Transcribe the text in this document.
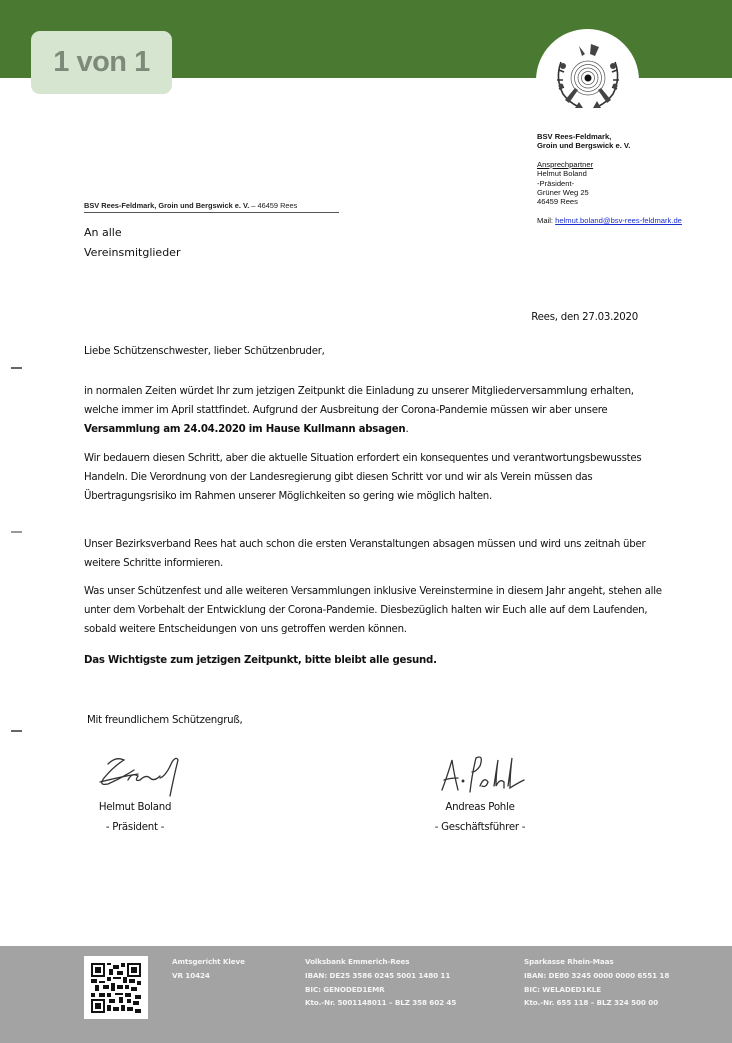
1 von 1
BSV Rees-Feldmark,
Groin und Bergswick e. V.
Ansprechpartner
Helmut Boland
-Präsident-
Grüner Weg 25
46459 Rees
Mail: helmut.boland@bsv-rees-feldmark.de
BSV Rees-Feldmark, Groin und Bergswick e. V. – 46459 Rees
An alle
Vereinsmitglieder
Rees, den 27.03.2020
Liebe Schützenschwester, lieber Schützenbruder,
in normalen Zeiten würdet Ihr zum jetzigen Zeitpunkt die Einladung zu unserer Mitgliederversammlung erhalten, welche immer im April stattfindet. Aufgrund der Ausbreitung der Corona-Pandemie müssen wir aber unsere Versammlung am 24.04.2020 im Hause Kullmann absagen.
Wir bedauern diesen Schritt, aber die aktuelle Situation erfordert ein konsequentes und verantwortungsbewusstes Handeln. Die Verordnung von der Landesregierung gibt diesen Schritt vor und wir als Verein müssen das Übertragungsrisiko im Rahmen unserer Möglichkeiten so gering wie möglich halten.
Unser Bezirksverband Rees hat auch schon die ersten Veranstaltungen absagen müssen und wird uns zeitnah über weitere Schritte informieren.
Was unser Schützenfest und alle weiteren Versammlungen inklusive Vereinstermine in diesem Jahr angeht, stehen alle unter dem Vorbehalt der Entwicklung der Corona-Pandemie. Diesbezüglich halten wir Euch alle auf dem Laufenden, sobald weitere Entscheidungen von uns getroffen werden können.
Das Wichtigste zum jetzigen Zeitpunkt, bitte bleibt alle gesund.
Mit freundlichem Schützengruß,
Helmut Boland
- Präsident -
Andreas Pohle
- Geschäftsführer -
Amtsgericht Kleve
VR 10424
Volksbank Emmerich-Rees
IBAN: DE25 3586 0245 5001 1480 11
BIC: GENODED1EMR
Kto.-Nr. 5001148011 – BLZ 358 602 45
Sparkasse Rhein-Maas
IBAN: DE80 3245 0000 0000 6551 18
BIC: WELADED1KLE
Kto.-Nr. 655 118 – BLZ 324 500 00
